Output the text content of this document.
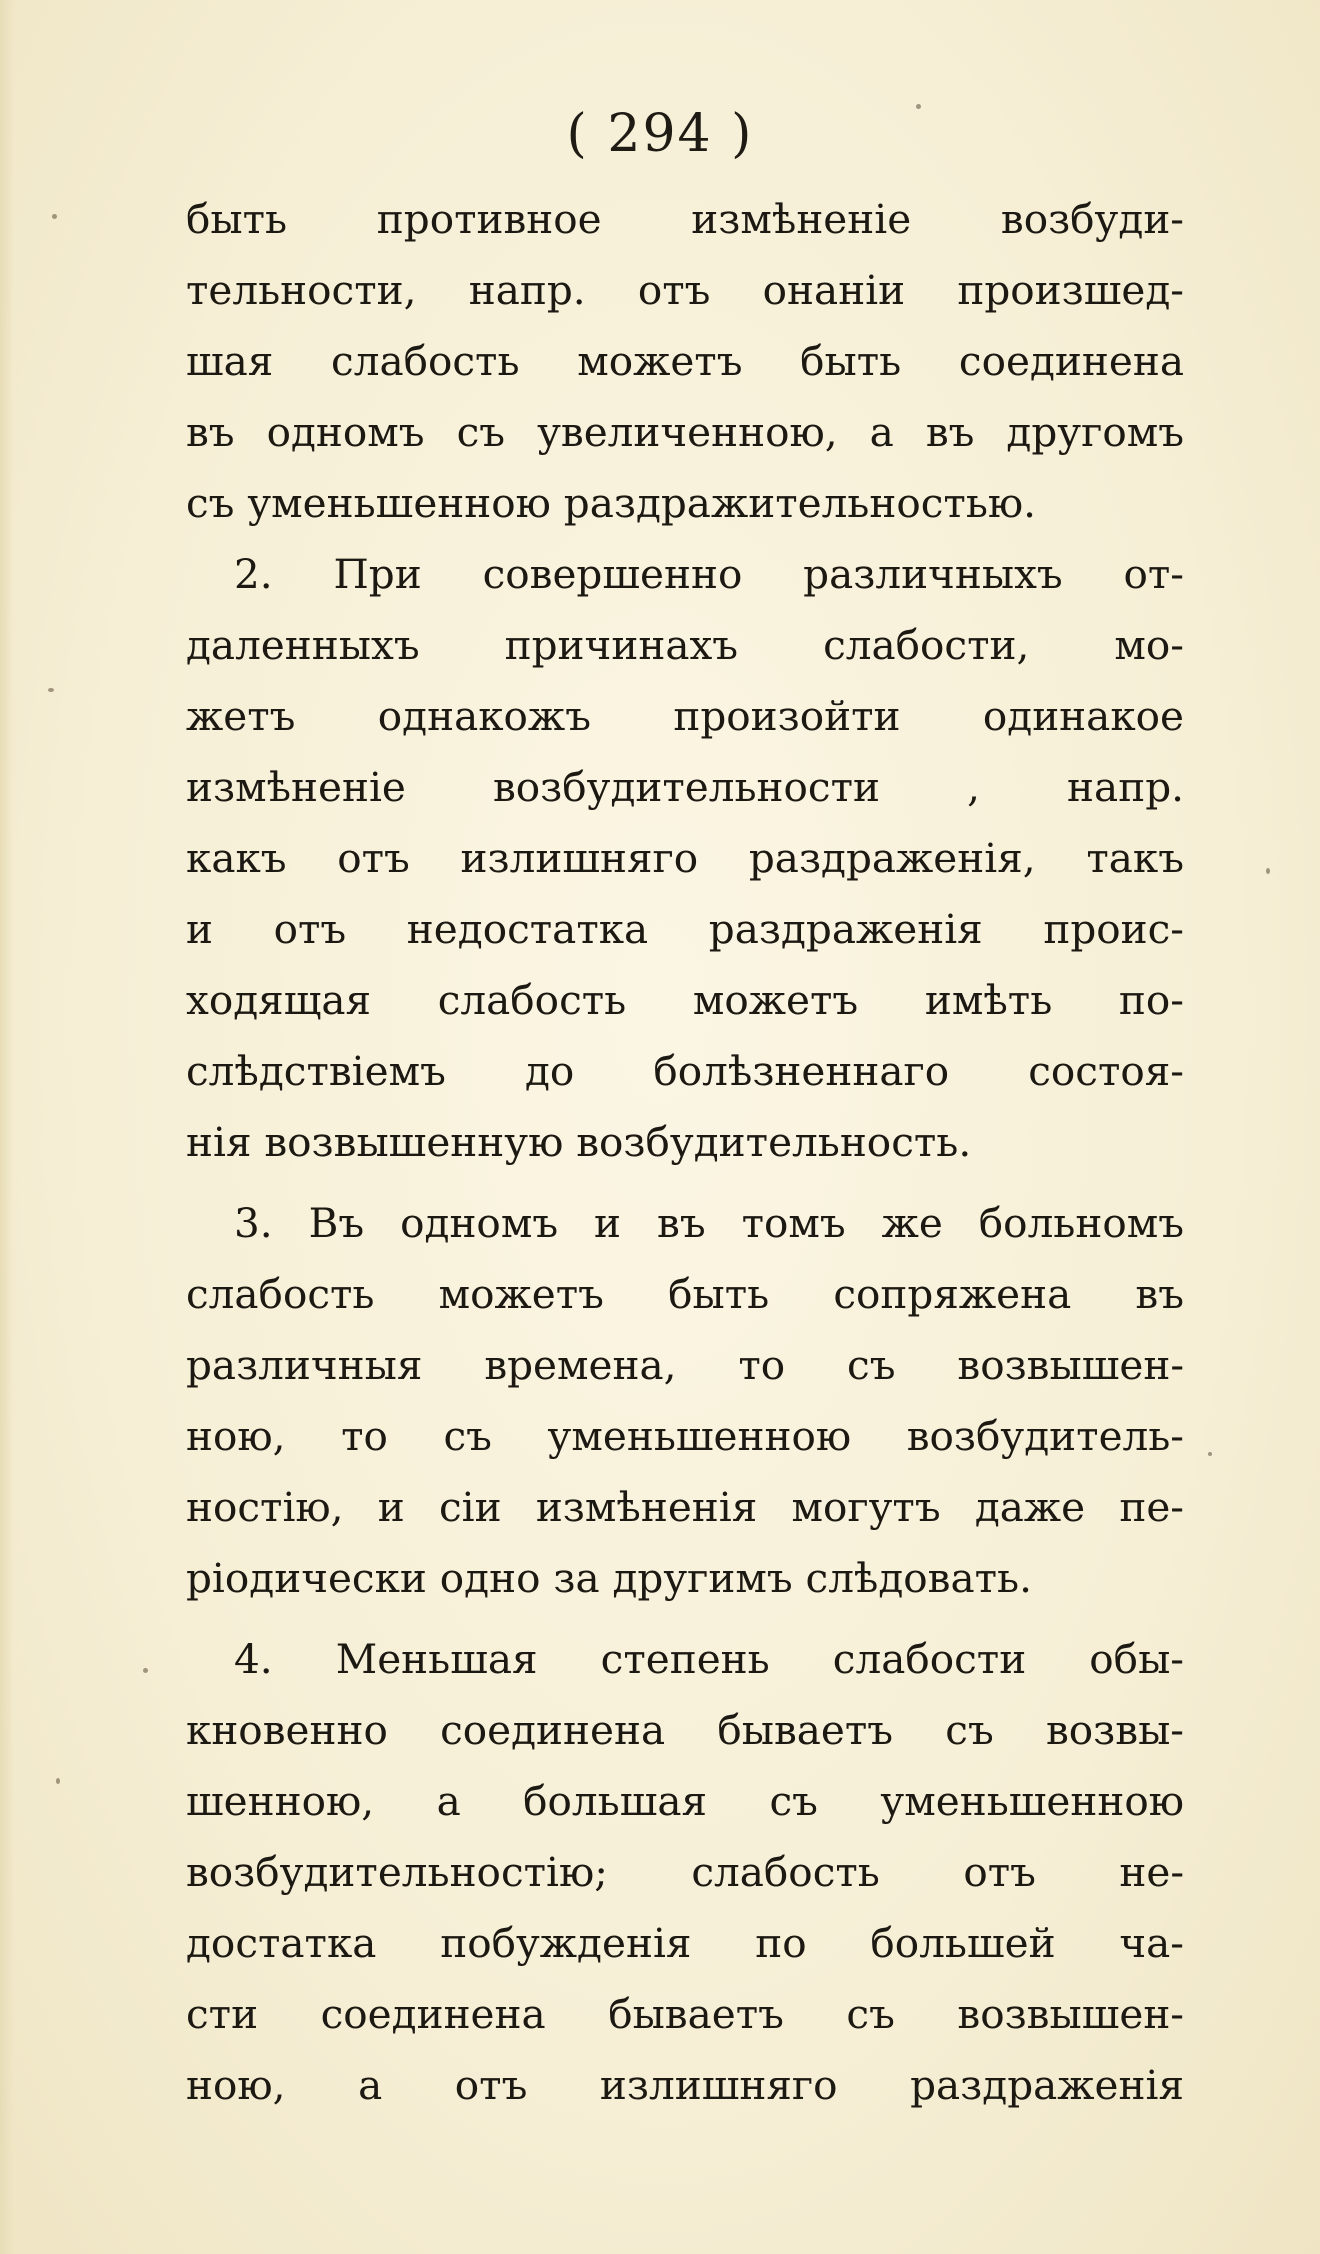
( 294 )
быть противное измѣненіе возбуди-
тельности, напр. отъ онаніи произшед-
шая слабость можетъ быть соединена
въ одномъ съ увеличенною, а въ другомъ
съ уменьшенною раздражительностью.
2. При совершенно различныхъ от-
даленныхъ причинахъ слабости, мо-
жетъ однакожъ произойти одинакое
измѣненіе возбудительности , напр.
какъ отъ излишняго раздраженія, такъ
и отъ недостатка раздраженія проис-
ходящая слабость можетъ имѣть по-
слѣдствіемъ до болѣзненнаго состоя-
нія возвышенную возбудительность.
3. Въ одномъ и въ томъ же больномъ
слабость можетъ быть сопряжена въ
различныя времена, то съ возвышен-
ною, то съ уменьшенною возбудитель-
ностію, и сіи измѣненія могутъ даже пе-
ріодически одно за другимъ слѣдовать.
4. Меньшая степень слабости обы-
кновенно соединена бываетъ съ возвы-
шенною, а большая съ уменьшенною
возбудительностію; слабость отъ не-
достатка побужденія по большей ча-
сти соединена бываетъ съ возвышен-
ною, а отъ излишняго раздраженія
